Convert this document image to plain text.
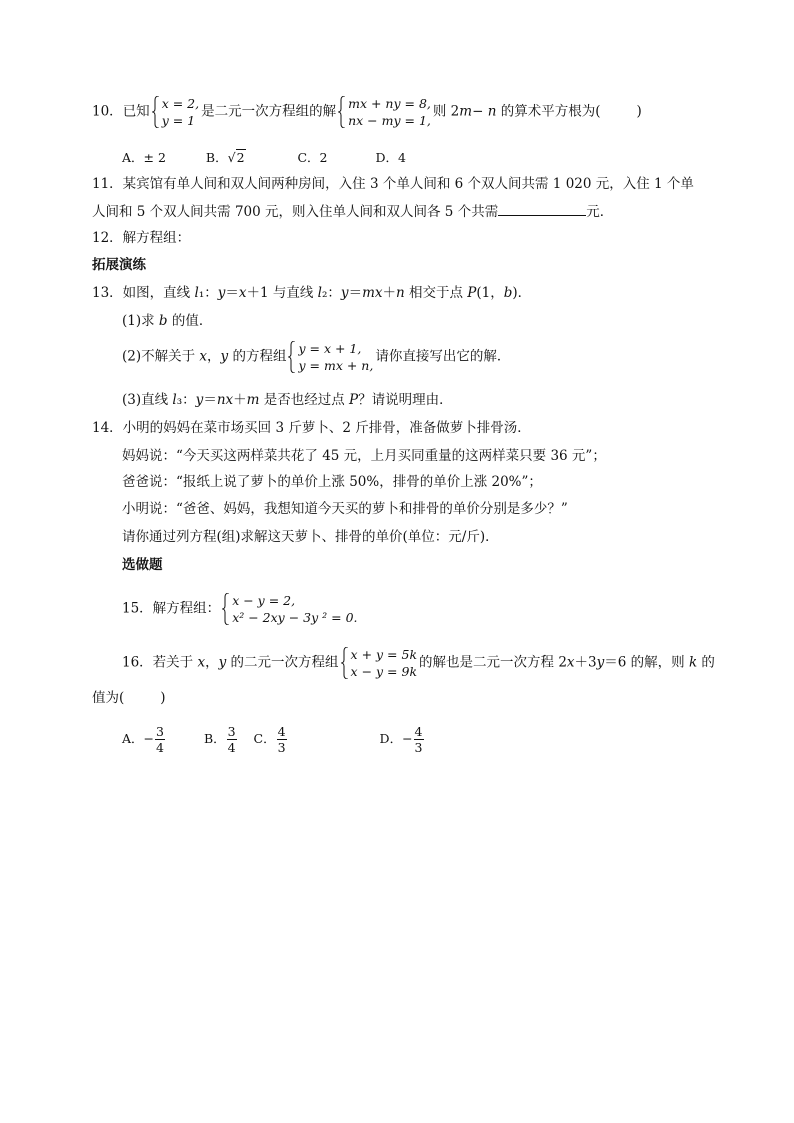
10．已知 x = 2,
y = 1
是二元一次方程组的解 mx + ny = 8,
nx − my = 1,
则 2m− n 的算术平方根为(	)
A．± 2	B．√2	C．2	D．4
11．某宾馆有单人间和双人间两种房间，入住 3 个单人间和 6 个双人间共需 1 020 元，入住 1 个单
人间和 5 个双人间共需 700 元，则入住单人间和双人间各 5 个共需	元．
12．解方程组：
拓展演练
13．如图，直线 l₁：y＝x＋1 与直线 l₂：y＝mx＋n 相交于点 P(1，b)．
(1)求 b 的值．
(2)不解关于 x，y 的方程组 y = x + 1,
y = mx + n,
请你直接写出它的解．
(3)直线 l₃：y＝nx＋m 是否也经过点 P？请说明理由．
14．小明的妈妈在菜市场买回 3 斤萝卜、2 斤排骨，准备做萝卜排骨汤．
妈妈说：“今天买这两样菜共花了 45 元，上月买同重量的这两样菜只要 36 元”；
爸爸说：“报纸上说了萝卜的单价上涨 50%，排骨的单价上涨 20%”；
小明说：“爸爸、妈妈，我想知道今天买的萝卜和排骨的单价分别是多少？”
请你通过列方程(组)求解这天萝卜、排骨的单价(单位：元/斤)．
选做题
15．解方程组： x − y = 2,
x² − 2xy − 3y ² = 0.
16．若关于 x，y 的二元一次方程组 x + y = 5k
x − y = 9k
的解也是二元一次方程 2x＋3y＝6 的解，则 k 的
值为(	)
A．− $\frac{3}{4}$	B． $\frac{3}{4}$ C． $\frac{4}{3}$	D．− $\frac{4}{3}$
